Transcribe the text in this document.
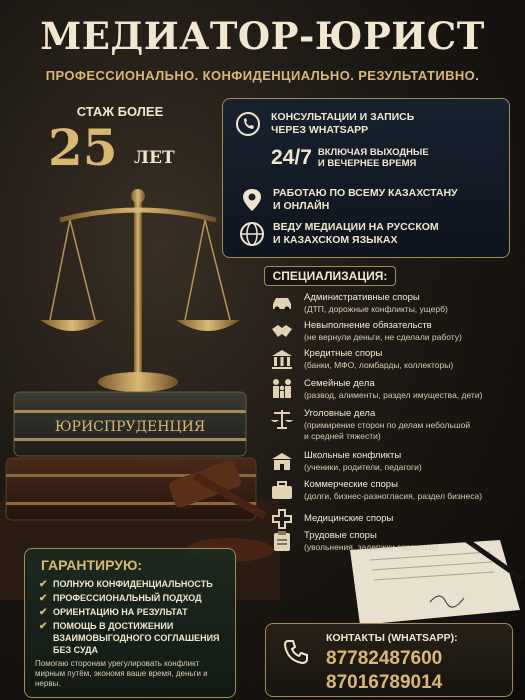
МЕДИАТОР-ЮРИСТ
ПРОФЕССИОНАЛЬНО. КОНФИДЕНЦИАЛЬНО. РЕЗУЛЬТАТИВНО.
СТАЖ БОЛЕЕ
25 ЛЕТ
ЮРИСПРУДЕНЦИЯ
КОНСУЛЬТАЦИИ И ЗАПИСЬ
ЧЕРЕЗ WHATSAPP
24/7 ВКЛЮЧАЯ ВЫХОДНЫЕ
И ВЕЧЕРНЕЕ ВРЕМЯ
РАБОТАЮ ПО ВСЕМУ КАЗАХСТАНУ
И ОНЛАЙН
ВЕДУ МЕДИАЦИИ НА РУССКОМ
И КАЗАХСКОМ ЯЗЫКАХ
СПЕЦИАЛИЗАЦИЯ:
Административные споры
(ДТП, дорожные конфликты, ущерб)
Невыполнение обязательств
(не вернули деньги, не сделали работу)
Кредитные споры
(банки, МФО, ломбарды, коллекторы)
Семейные дела
(развод, алименты, раздел имущества, дети)
Уголовные дела
(примирение сторон по делам небольшой
и средней тяжести)
Школьные конфликты
(ученики, родители, педагоги)
Коммерческие споры
(долги, бизнес-разногласия, раздел бизнеса)
Медицинские споры
Трудовые споры
(увольнения, задержки зарплаты)
ГАРАНТИРУЮ:
✔ ПОЛНУЮ КОНФИДЕНЦИАЛЬНОСТЬ
✔ ПРОФЕССИОНАЛЬНЫЙ ПОДХОД
✔ ОРИЕНТАЦИЮ НА РЕЗУЛЬТАТ
✔ ПОМОЩЬ В ДОСТИЖЕНИИ
ВЗАИМОВЫГОДНОГО СОГЛАШЕНИЯ
БЕЗ СУДА
Помогаю сторонам урегулировать конфликт мирным путём, экономя ваше время, деньги и нервы.
КОНТАКТЫ (WHATSAPP):
87782487600
87016789014
